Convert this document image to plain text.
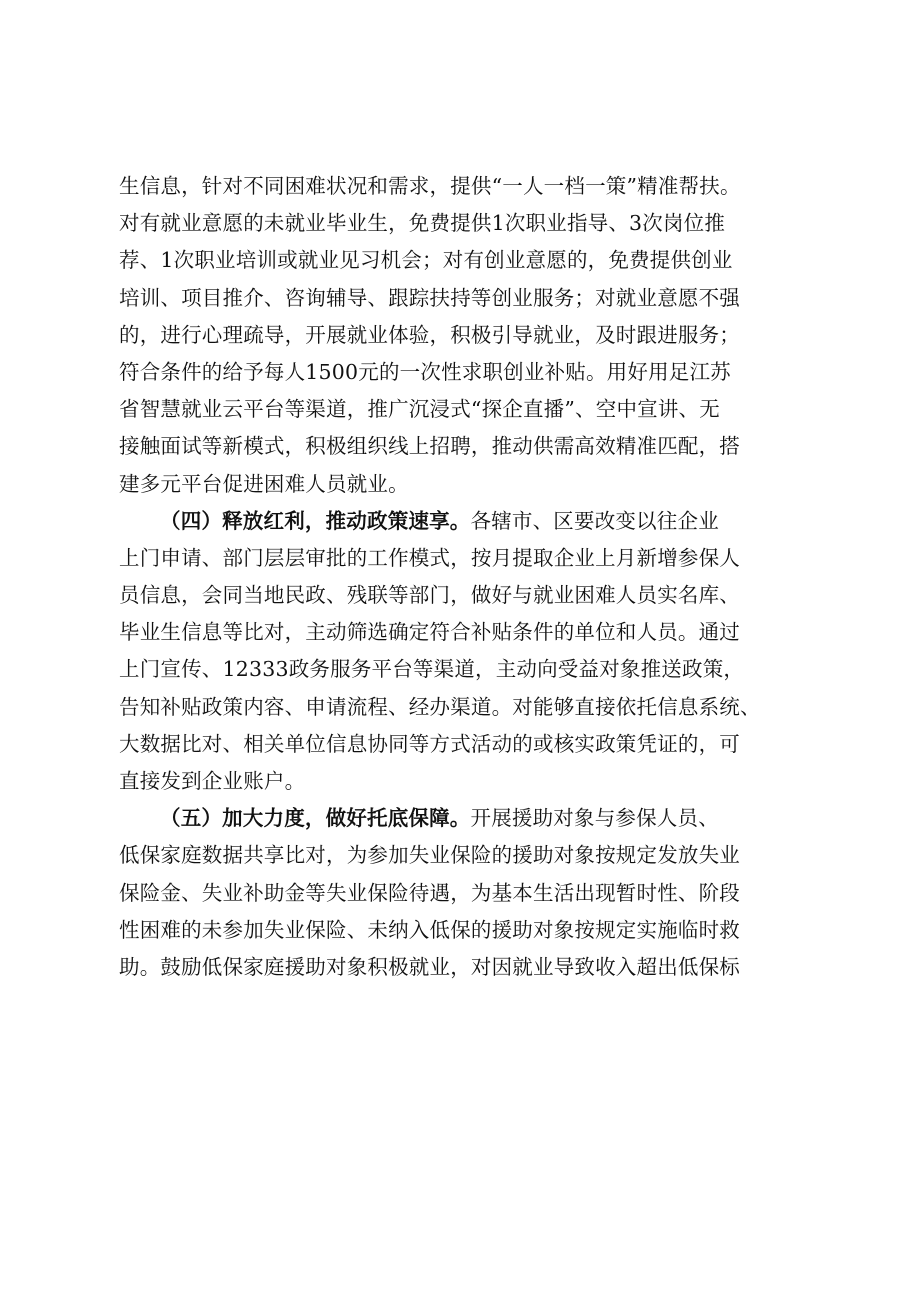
生信息，针对不同困难状况和需求，提供“一人一档一策”精准帮扶。
对有就业意愿的未就业毕业生，免费提供1次职业指导、3次岗位推
荐、1次职业培训或就业见习机会；对有创业意愿的，免费提供创业
培训、项目推介、咨询辅导、跟踪扶持等创业服务；对就业意愿不强
的，进行心理疏导，开展就业体验，积极引导就业，及时跟进服务；
符合条件的给予每人1500元的一次性求职创业补贴。用好用足江苏
省智慧就业云平台等渠道，推广沉浸式“探企直播”、空中宣讲、无
接触面试等新模式，积极组织线上招聘，推动供需高效精准匹配，搭
建多元平台促进困难人员就业。
（四）释放红利，推动政策速享。各辖市、区要改变以往企业
上门申请、部门层层审批的工作模式，按月提取企业上月新增参保人
员信息，会同当地民政、残联等部门，做好与就业困难人员实名库、
毕业生信息等比对，主动筛选确定符合补贴条件的单位和人员。通过
上门宣传、12333政务服务平台等渠道，主动向受益对象推送政策，
告知补贴政策内容、申请流程、经办渠道。对能够直接依托信息系统、
大数据比对、相关单位信息协同等方式活动的或核实政策凭证的，可
直接发到企业账户。
（五）加大力度，做好托底保障。开展援助对象与参保人员、
低保家庭数据共享比对，为参加失业保险的援助对象按规定发放失业
保险金、失业补助金等失业保险待遇，为基本生活出现暂时性、阶段
性困难的未参加失业保险、未纳入低保的援助对象按规定实施临时救
助。鼓励低保家庭援助对象积极就业，对因就业导致收入超出低保标
